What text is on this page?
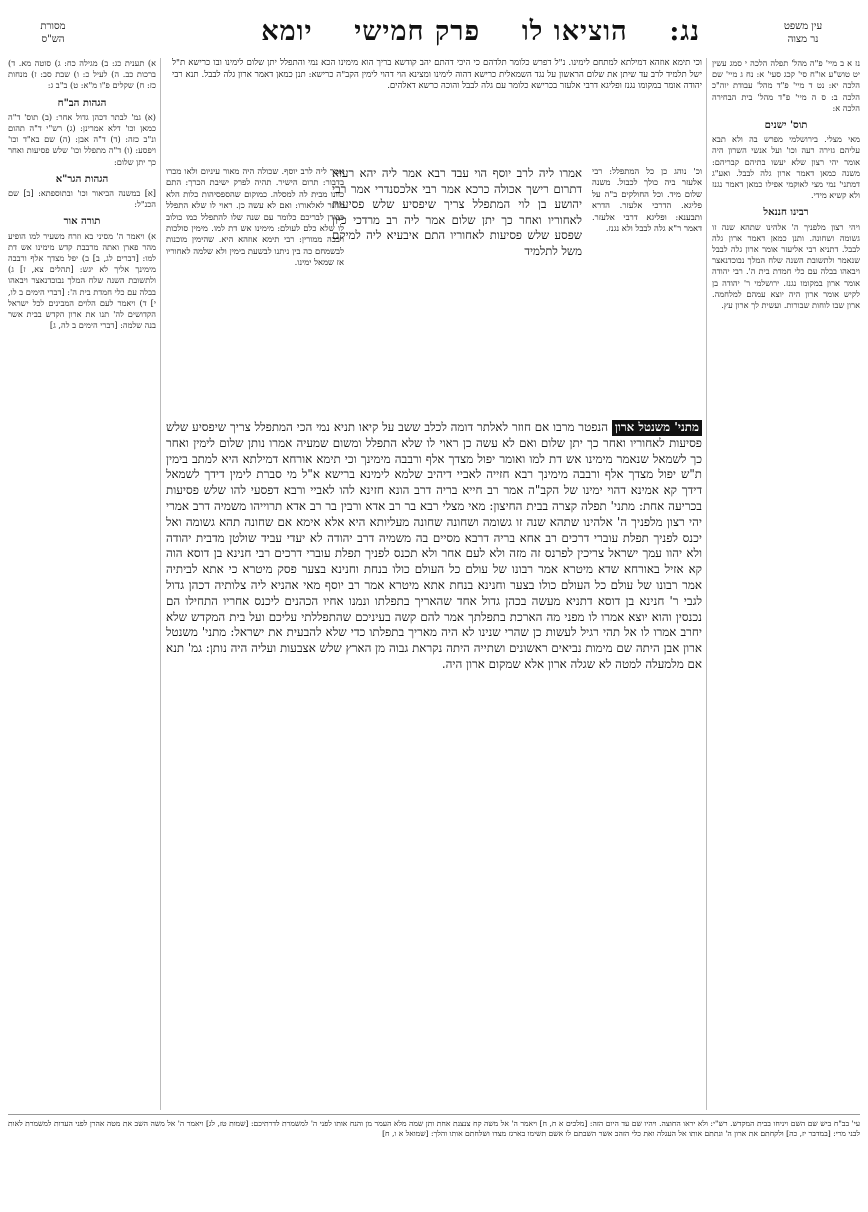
עין משפט
נר מצוה
נג:    הוציאו לו    פרק חמישי    יומא
מסורת
הש"ס

נז א ב מיי' פ"ה מהל' תפלה הלכה י סמג עשין יט טוש"ע או"ח סי' קכג סעי' א: נח ג מיי' שם הלכה יא: נט ד מיי' פ"ד מהל' עבודת יוה"כ הלכה ב: ס ה מיי' פ"ד מהל' בית הבחירה הלכה א:

תוס' ישנים

מאי מצלי. בירושלמי מפרש בה ולא תבא עליהם גזירה רעה וכו' ועל אנשי השרון היה אומר יהי רצון שלא יעשו בתיהם קבריהם: משנה כמאן דאמר ארון גלה לבבל. ואע"ג דמתני' נמי מצי לאוקמי אפילו כמאן דאמר נגנז ולא קשיא מידי.

רבינו חננאל

ויהי רצון מלפניך ה' אלהינו שתהא שנה זו גשומה ושחונה. ותנן כמאן דאמר ארון גלה לבבל. דתניא רבי אליעזר אומר ארון גלה לבבל שנאמר ולתשובת השנה שלח המלך נבוכדנאצר ויבאהו בבלה עם כלי חמדת בית ה'. רבי יהודה אומר ארון במקומו נגנז. ירושלמי ר' יהודה בן לקיש אומר ארון היה יוצא עמהם למלחמה. ארון שבו לוחות שבורות. ועשית לך ארון עץ.

א) תענית כג: ב) מגילה כח: ג) סוטה מא. ד) ברכות כב. ה) לעיל כ: ו) שבת סב: ז) מנחות כז: ח) שקלים פ"ו מ"א: ט) ב"ב ג:

הגהות הב"ח

(א) גמ' לבתר דכהן גדול אחר: (ב) תוס' ד"ה כמאן וכו' דלא אמרינן: (ג) רש"י ד"ה תהום ונ"ב כזה: (ד) ד"ה אבן: (ה) שם בא"ד וכו' ויפסע: (ו) ד"ה מתפלל וכו' שלש פסיעות ואחר כך יתן שלום:

הגהות הגר"א

[א] במשנה הביאור וכו' ובתוספתא: [ב] שם הכנ"ל:

תורה אור

א) ויאמר ה' מסיני בא וזרח משעיר למו הופיע מהר פארן ואתה מרבבת קדש מימינו אש דת למו: [דברים לג, ב] ב) יפל מצדך אלף ורבבה מימינך אליך לא יגש: [תהלים צא, ז] ג) ולתשובת השנה שלח המלך נבוכדנאצר ויבאהו בבלה עם כלי חמדת בית ה': [דברי הימים ב לו, י] ד) ויאמר לעם הלוים המבינים לכל ישראל הקדושים לה' תנו את ארון הקדש בבית אשר בנה שלמה: [דברי הימים ב לה, ג]

וכי תימא אוזהא דמילתא למתחם לימינו. נ"ל דפרש כלומר תלדהם כי היכי דהתם יהב קודשא בריך הוא מימינו הכא נמי והתפלל יתן שלום לימינו ובו כרישא ת"ל ישל תלמיד לרב עד שיתן את שלום הראשון על נגד השמאלית כרישא דהוה לימינו ומצינא הוי דהוי לימין הקב"ה כרישא: תנן כמאן דאמר ארון גלה לבבל. תנא רבי יהודה אומר במקומו נגנז ופליגא דרבי אלעזר בכרישא כלומר עם גלה לבבל והוכה כרשא דאלהים.
אמר ליה לרב יוסף. שכולה היה מאור עיניום ולאו מכרו בדבור: תרום הישיר. תהיה לפרק ישיבת הכרך: התם כוונו מבית לה למסלה. כמוקום שהספסיהות כלות הלא מחזר לאלאורו: ואם לא עשה כן. ראוי לו שלא התפלל כבורן לבריכם כלומר עם שנה שלו להתפלל כמו כולוב לו שלא כלם לעולם: מימינו אש דת למו. מימין סולכות רבבה ממורין: רבי תימא אוזהא היא. שהימין מוכנות לבשמחם כה בין ניתנו לבשעת בימין ולא שלמה לאחוריו אז שמאל ימינו.
וכ' נוהג כן כל המתפלל: רבי אלעזר ביה כולך לכבול. משנה שלום מיד. וכל החולקים ב"ה על פליגא. הדרכי אלעזר. הדרא ותבענא: ופליגא דרבי אלעזר. דאמר ר"א גלה לבבל ולא נגנז.
אמרו ליה לרב יוסף הוי עבד רבא אמר ליה יהא רעוא דתרום רישך אכולה כרכא אמר רבי אלכסנדרי אמר רבי יהושע בן לוי המתפלל צריך שיפסיע שלש פסיעות לאחוריו ואחר כך יתן שלום אמר ליה רב מרדכי כיון שפסע שלש פסיעות לאחוריו התם איבעיא ליה למיקם משל לתלמיד
מתני' משנטל ארון הנפטר מרבו אם חוזר לאלתר דומה לכלב ששב על קיאו תניא נמי הכי המתפלל צריך שיפסיע שלש פסיעות לאחוריו ואחר כך יתן שלום ואם לא עשה כן ראוי לו שלא התפלל ומשום שמעיה אמרו נותן שלום לימין ואחר כך לשמאל שנאמר מימינו אש דת למו ואומר יפול מצדך אלף ורבבה מימינך וכי תימא אורחא דמילתא היא למתב בימין ת"ש יפול מצדך אלף ורבבה מימינך רבא חזייה לאביי דיהיב שלמא לימינא ברישא א"ל מי סברת לימין דידך לשמאל דידך קא אמינא דהוי ימינו של הקב"ה אמר רב חייא בריה דרב הונא חזינא להו לאביי ורבא דפסעי להו שלש פסיעות בכריעה אחת: מתני' תפלה קצרה בבית החיצון: מאי מצלי רבא בר רב אדא ורבין בר רב אדא תרוייהו משמיה דרב אמרי יהי רצון מלפניך ה' אלהינו שתהא שנה זו גשומה ושחונה שחונה מעליותא היא אלא אימא אם שחונה תהא גשומה ואל יכנס לפניך תפלת עוברי דרכים רב אחא בריה דרבא מסיים בה משמיה דרב יהודה לא יעדי עביד שולטן מדבית יהודה ולא יהוו עמך ישראל צריכין לפרנס זה מזה ולא לעם אחר ולא תכנס לפניך תפלת עוברי דרכים רבי חנינא בן דוסא הוה קא אזיל באורחא שדא מיטרא אמר רבונו של עולם כל העולם כולו בנחת וחנינא בצער פסק מיטרא כי אתא לביתיה אמר רבונו של עולם כל העולם כולו בצער וחנינא בנחת אתא מיטרא אמר רב יוסף מאי אהניא ליה צלותיה דכהן גדול לגבי ר' חנינא בן דוסא דתניא מעשה בכהן גדול אחד שהאריך בתפלתו ונמנו אחיו הכהנים ליכנס אחריו התחילו הם נכנסין והוא יוצא אמרו לו מפני מה הארכת בתפלתך אמר להם קשה בעיניכם שהתפללתי עליכם ועל בית המקדש שלא יחרב אמרו לו אל תהי רגיל לעשות כן שהרי שנינו לא היה מאריך בתפלתו כדי שלא להבעית את ישראל: מתני' משנטל ארון אבן היתה שם מימות נביאים ראשונים ושתייה היתה נקראת גבוה מן הארץ שלש אצבעות ועליה היה נותן: גמ' תנא אם מלמעלה למטה לא שגלה ארון אלא שמקום ארון היה.
עי' בב"ח ביש שם השם ויניחו בבית המקדש. רש"י: ולא יראו החוצה. ויהיו שם עד היום הזה: [מלכים א ח, ח] ויאמר ה' אל משה קח צנצנת אחת ותן שמה מלא העמר מן והנח אותו לפני ה' למשמרת לדרתיכם: [שמות טז, לג] ויאמר ה' אל משה השב את מטה אהרן לפני העדות למשמרת לאות לבני מרי: [במדבר יז, כה] ולקחתם את ארון ה' ונתתם אותו אל העגלה ואת כלי הזהב אשר השבתם לו אשם תשימו בארגז מצדו ושלחתם אותו והלך: [שמואל א ו, ח]
